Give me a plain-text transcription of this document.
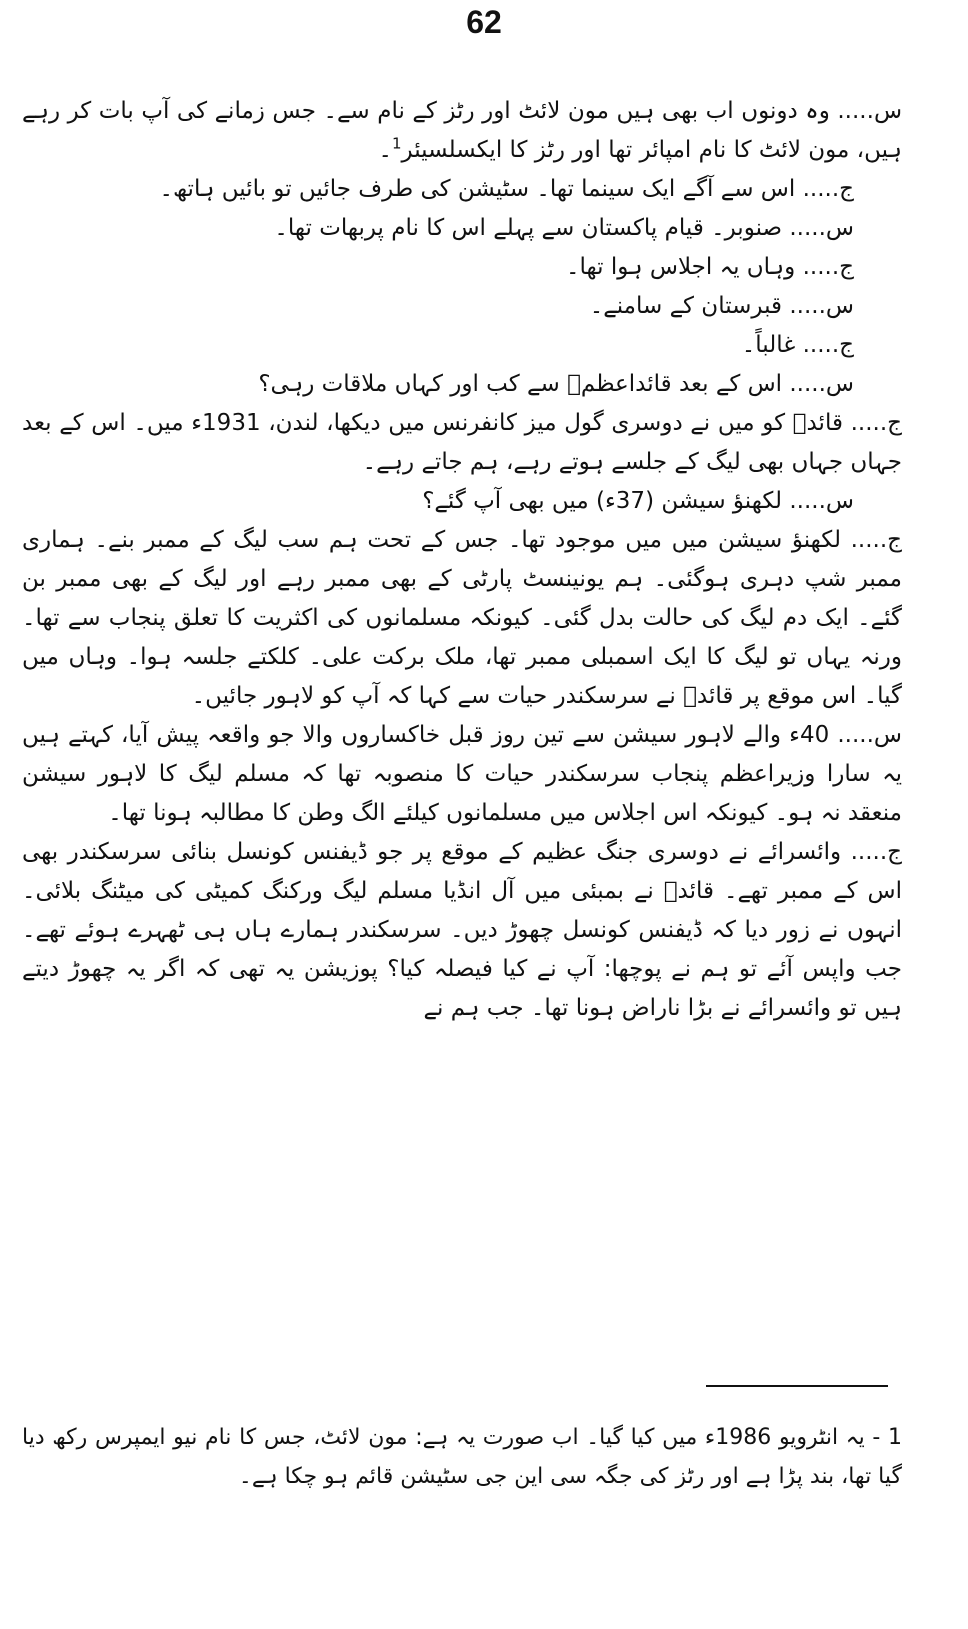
62

س..... وہ دونوں اب بھی ہیں مون لائٹ اور رٹز کے نام سے۔ جس زمانے کی آپ بات کر رہے ہیں، مون لائٹ کا نام امپائر تھا اور رٹز کا ایکسلسیئر$^1$۔

ج..... اس سے آگے ایک سینما تھا۔ سٹیشن کی طرف جائیں تو بائیں ہاتھ۔

س..... صنوبر۔ قیام پاکستان سے پہلے اس کا نام پربھات تھا۔

ج..... وہاں یہ اجلاس ہوا تھا۔

س..... قبرستان کے سامنے۔

ج..... غالباً۔

س..... اس کے بعد قائداعظمؒ سے کب اور کہاں ملاقات رہی؟

ج..... قائدؒ کو میں نے دوسری گول میز کانفرنس میں دیکھا، لندن، 1931ء میں۔ اس کے بعد جہاں جہاں بھی لیگ کے جلسے ہوتے رہے، ہم جاتے رہے۔

س..... لکھنؤ سیشن (37ء) میں بھی آپ گئے؟

ج..... لکھنؤ سیشن میں میں موجود تھا۔ جس کے تحت ہم سب لیگ کے ممبر بنے۔ ہماری ممبر شپ دہری ہوگئی۔ ہم یونینسٹ پارٹی کے بھی ممبر رہے اور لیگ کے بھی ممبر بن گئے۔ ایک دم لیگ کی حالت بدل گئی۔ کیونکہ مسلمانوں کی اکثریت کا تعلق پنجاب سے تھا۔ ورنہ یہاں تو لیگ کا ایک اسمبلی ممبر تھا، ملک برکت علی۔ کلکتے جلسہ ہوا۔ وہاں میں گیا۔ اس موقع پر قائدؒ نے سرسکندر حیات سے کہا کہ آپ کو لاہور جائیں۔

س..... 40ء والے لاہور سیشن سے تین روز قبل خاکساروں والا جو واقعہ پیش آیا، کہتے ہیں یہ سارا وزیراعظم پنجاب سرسکندر حیات کا منصوبہ تھا کہ مسلم لیگ کا لاہور سیشن منعقد نہ ہو۔ کیونکہ اس اجلاس میں مسلمانوں کیلئے الگ وطن کا مطالبہ ہونا تھا۔

ج..... وائسرائے نے دوسری جنگ عظیم کے موقع پر جو ڈیفنس کونسل بنائی سرسکندر بھی اس کے ممبر تھے۔ قائدؒ نے بمبئی میں آل انڈیا مسلم لیگ ورکنگ کمیٹی کی میٹنگ بلائی۔ انہوں نے زور دیا کہ ڈیفنس کونسل چھوڑ دیں۔ سرسکندر ہمارے ہاں ہی ٹھہرے ہوئے تھے۔ جب واپس آئے تو ہم نے پوچھا: آپ نے کیا فیصلہ کیا؟ پوزیشن یہ تھی کہ اگر یہ چھوڑ دیتے ہیں تو وائسرائے نے بڑا ناراض ہونا تھا۔ جب ہم نے

1 - یہ انٹرویو 1986ء میں کیا گیا۔ اب صورت یہ ہے: مون لائٹ، جس کا نام نیو ایمپرس رکھ دیا گیا تھا، بند پڑا ہے اور رٹز کی جگہ سی این جی سٹیشن قائم ہو چکا ہے۔
